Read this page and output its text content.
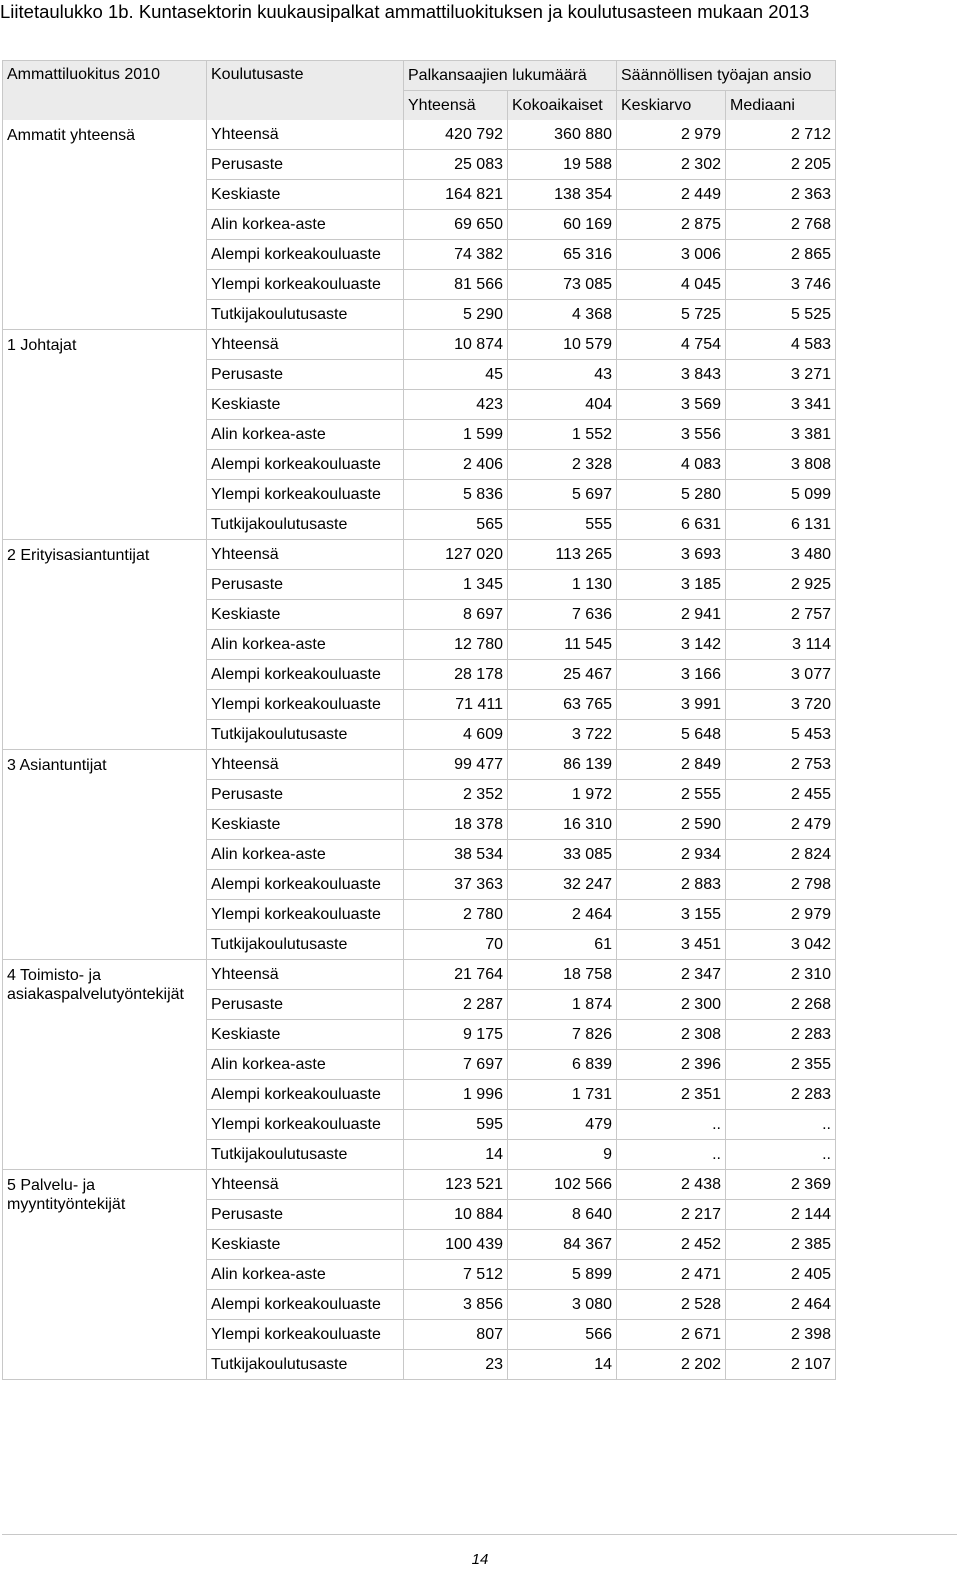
Liitetaulukko 1b. Kuntasektorin kuukausipalkat ammattiluokituksen ja koulutusasteen mukaan 2013
Ammattiluokitus 2010	Koulutusaste	Palkansaajien lukumäärä		Säännöllisen työajan ansio	
		Yhteensä	Kokoaikaiset	Keskiarvo	Mediaani
Ammatit yhteensä	Yhteensä	420 792	360 880	2 979	2 712
	Perusaste	25 083	19 588	2 302	2 205
	Keskiaste	164 821	138 354	2 449	2 363
	Alin korkea-aste	69 650	60 169	2 875	2 768
	Alempi korkeakouluaste	74 382	65 316	3 006	2 865
	Ylempi korkeakouluaste	81 566	73 085	4 045	3 746
	Tutkijakoulutusaste	5 290	4 368	5 725	5 525
1 Johtajat	Yhteensä	10 874	10 579	4 754	4 583
	Perusaste	45	43	3 843	3 271
	Keskiaste	423	404	3 569	3 341
	Alin korkea-aste	1 599	1 552	3 556	3 381
	Alempi korkeakouluaste	2 406	2 328	4 083	3 808
	Ylempi korkeakouluaste	5 836	5 697	5 280	5 099
	Tutkijakoulutusaste	565	555	6 631	6 131
2 Erityisasiantuntijat	Yhteensä	127 020	113 265	3 693	3 480
	Perusaste	1 345	1 130	3 185	2 925
	Keskiaste	8 697	7 636	2 941	2 757
	Alin korkea-aste	12 780	11 545	3 142	3 114
	Alempi korkeakouluaste	28 178	25 467	3 166	3 077
	Ylempi korkeakouluaste	71 411	63 765	3 991	3 720
	Tutkijakoulutusaste	4 609	3 722	5 648	5 453
3 Asiantuntijat	Yhteensä	99 477	86 139	2 849	2 753
	Perusaste	2 352	1 972	2 555	2 455
	Keskiaste	18 378	16 310	2 590	2 479
	Alin korkea-aste	38 534	33 085	2 934	2 824
	Alempi korkeakouluaste	37 363	32 247	2 883	2 798
	Ylempi korkeakouluaste	2 780	2 464	3 155	2 979
	Tutkijakoulutusaste	70	61	3 451	3 042
4 Toimisto- ja asiakaspalvelutyöntekijät	Yhteensä	21 764	18 758	2 347	2 310
	Perusaste	2 287	1 874	2 300	2 268
	Keskiaste	9 175	7 826	2 308	2 283
	Alin korkea-aste	7 697	6 839	2 396	2 355
	Alempi korkeakouluaste	1 996	1 731	2 351	2 283
	Ylempi korkeakouluaste	595	479	..	..
	Tutkijakoulutusaste	14	9	..	..
5 Palvelu- ja myyntityöntekijät	Yhteensä	123 521	102 566	2 438	2 369
	Perusaste	10 884	8 640	2 217	2 144
	Keskiaste	100 439	84 367	2 452	2 385
	Alin korkea-aste	7 512	5 899	2 471	2 405
	Alempi korkeakouluaste	3 856	3 080	2 528	2 464
	Ylempi korkeakouluaste	807	566	2 671	2 398
	Tutkijakoulutusaste	23	14	2 202	2 107
14
